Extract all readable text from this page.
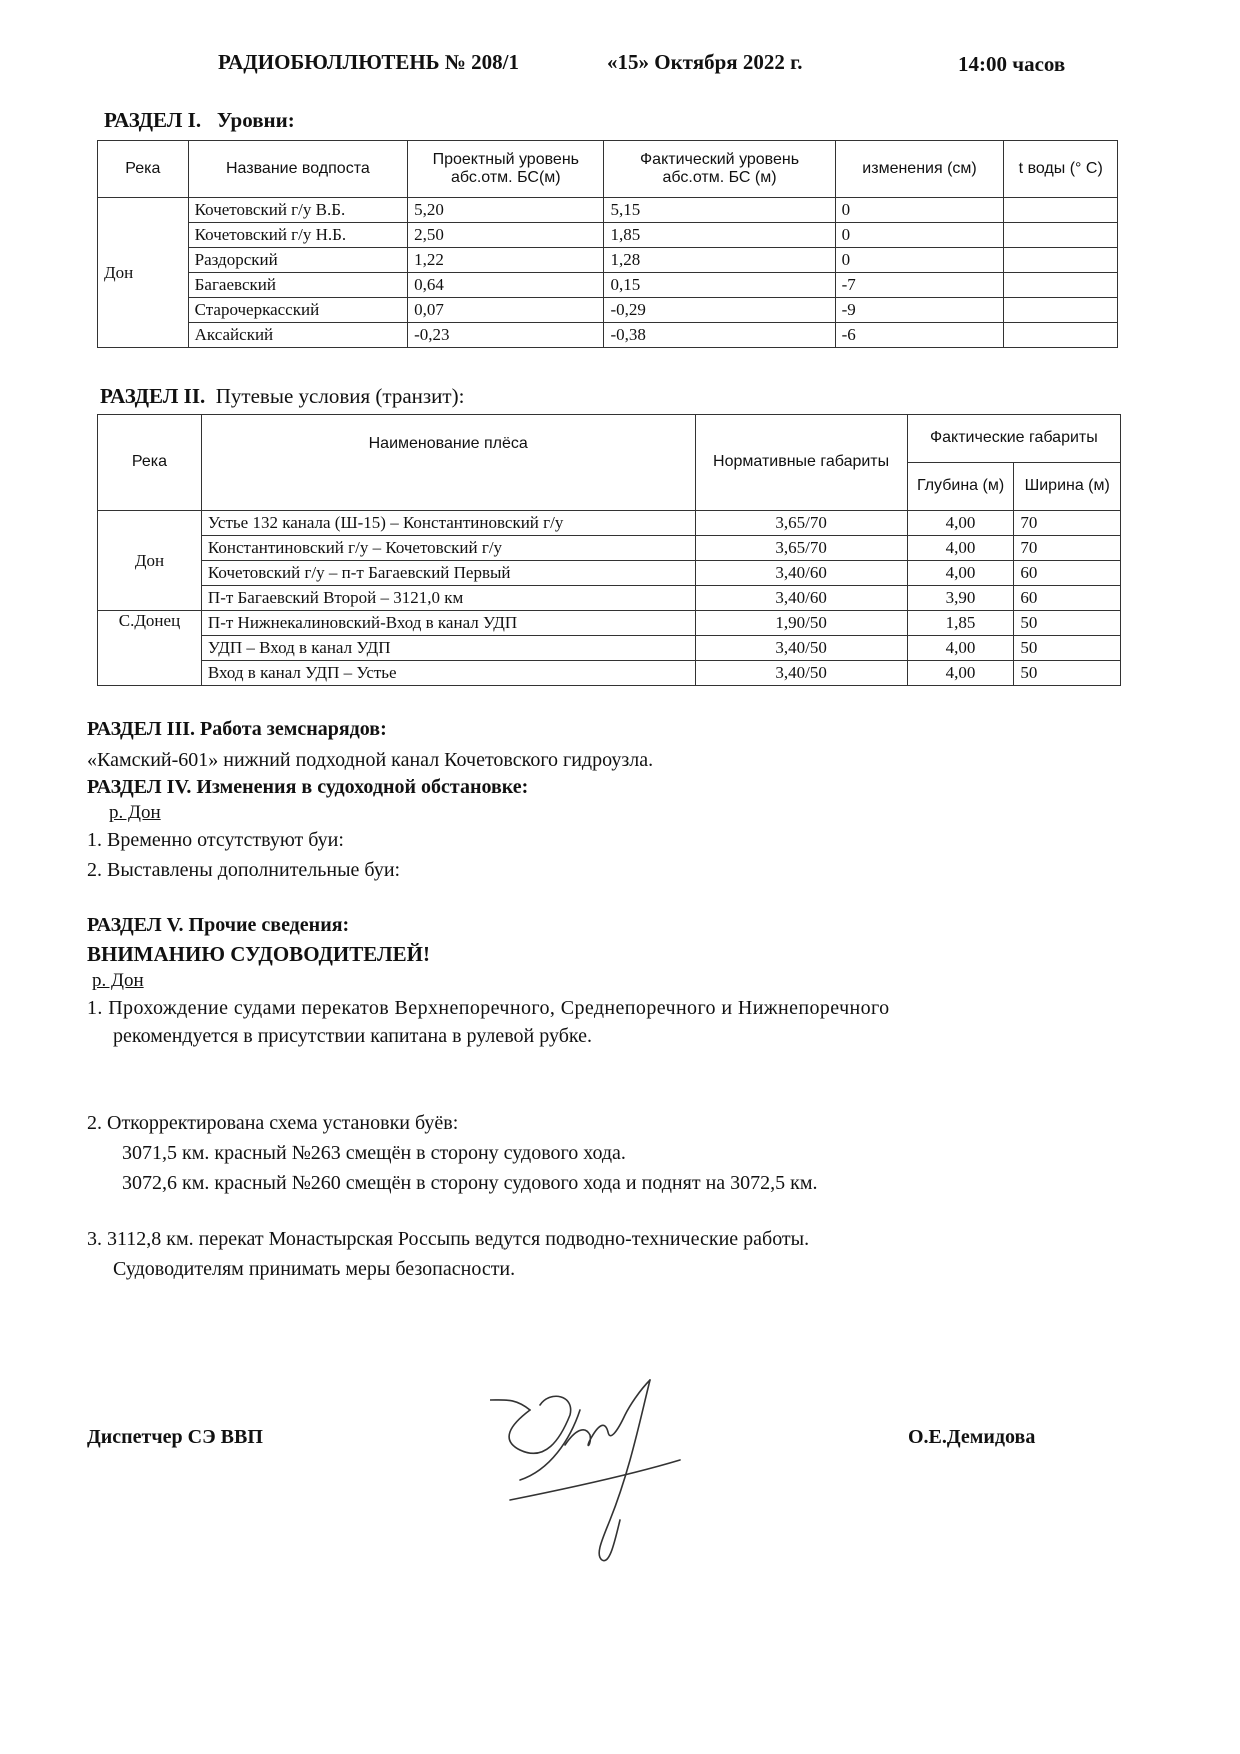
РАДИОБЮЛЛЮТЕНЬ № 208/1	«15» Октября 2022 г.	14:00 часов
РАЗДЕЛ I. Уровни:
Река	Название водпоста	Проектный уровень абс.отм. БС(м)	Фактический уровень абс.отм. БС (м)	изменения (см)	t воды (° С)
Дон	Кочетовский г/у В.Б.	5,20	5,15	0	
	Кочетовский г/у Н.Б.	2,50	1,85	0	
	Раздорский	1,22	1,28	0	
	Багаевский	0,64	0,15	-7	
	Старочеркасский	0,07	-0,29	-9	
	Аксайский	-0,23	-0,38	-6	
РАЗДЕЛ II. Путевые условия (транзит):
Река	Наименование плёса	Нормативные габариты	Фактические габариты	
			Глубина (м)	Ширина (м)
Дон	Устье 132 канала (Ш-15) – Константиновский г/у	3,65/70	4,00	70
	Константиновский г/у – Кочетовский г/у	3,65/70	4,00	70
	Кочетовский г/у – п-т Багаевский Первый	3,40/60	4,00	60
	П-т Багаевский Второй – 3121,0 км	3,40/60	3,90	60
С.Донец	П-т Нижнекалиновский-Вход в канал УДП	1,90/50	1,85	50
	УДП – Вход в канал УДП	3,40/50	4,00	50
	Вход в канал УДП – Устье	3,40/50	4,00	50
РАЗДЕЛ III. Работа земснарядов:
«Камский-601» нижний подходной канал Кочетовского гидроузла.
РАЗДЕЛ IV. Изменения в судоходной обстановке:
р. Дон
1. Временно отсутствуют буи:
2. Выставлены дополнительные буи:
РАЗДЕЛ V. Прочие сведения:
ВНИМАНИЮ СУДОВОДИТЕЛЕЙ!
р. Дон
1. Прохождение судами перекатов Верхнепоречного, Среднепоречного и Нижнепоречного
рекомендуется в присутствии капитана в рулевой рубке.
2. Откорректирована схема установки буёв:
3071,5 км. красный №263 смещён в сторону судового хода.
3072,6 км. красный №260 смещён в сторону судового хода и поднят на 3072,5 км.
3. 3112,8 км. перекат Монастырская Россыпь ведутся подводно-технические работы.
Судоводителям принимать меры безопасности.
Диспетчер СЭ ВВП	О.Е.Демидова
